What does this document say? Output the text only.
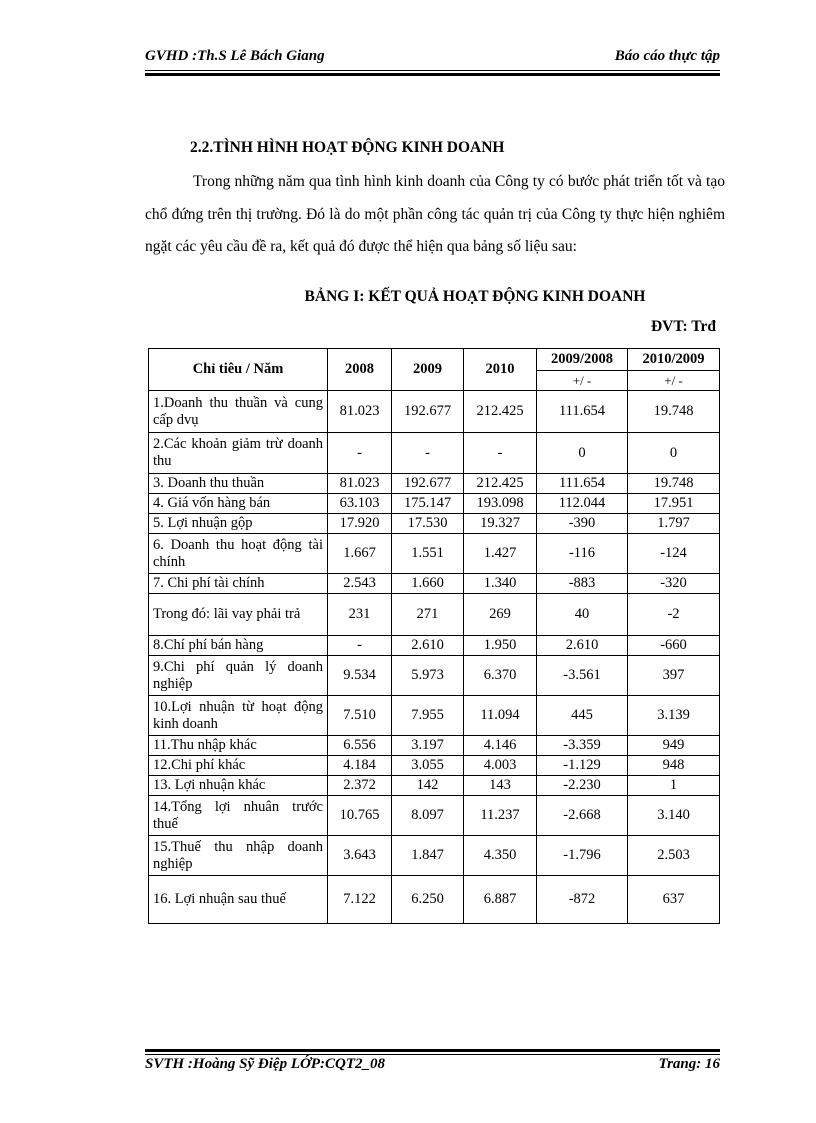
GVHD :Th.S Lê Bách Giang	Báo cáo thực tập
2.2.TÌNH HÌNH HOẠT ĐỘNG KINH DOANH
Trong những năm qua tình hình kinh doanh của Công ty có bước phát triển tốt và tạo chổ đứng trên thị trường. Đó là do một phần công tác quản trị của Công ty thực hiện nghiêm ngặt các yêu cầu đề ra, kết quả đó được thể hiện qua bảng số liệu sau:
BẢNG I: KẾT QUẢ HOẠT ĐỘNG KINH DOANH
ĐVT: Trđ
Chỉ tiêu / Năm	2008	2009	2010	2009/2008	2010/2009
				+/ -	+/ -
1.Doanh thu thuần và cung cấp dvụ	81.023	192.677	212.425	111.654	19.748
2.Các khoản giảm trừ doanh thu	-	-	-	0	0
3. Doanh thu thuần	81.023	192.677	212.425	111.654	19.748
4. Giá vốn hàng bán	63.103	175.147	193.098	112.044	17.951
5. Lợi nhuận gộp	17.920	17.530	19.327	-390	1.797
6. Doanh thu hoạt động tài chính	1.667	1.551	1.427	-116	-124
7. Chi phí tài chính	2.543	1.660	1.340	-883	-320
Trong đó: lãi vay phải trả	231	271	269	40	-2
8.Chí phí bán hàng	-	2.610	1.950	2.610	-660
9.Chi phí quản lý doanh nghiệp	9.534	5.973	6.370	-3.561	397
10.Lợi nhuận từ hoạt động kinh doanh	7.510	7.955	11.094	445	3.139
11.Thu nhập khác	6.556	3.197	4.146	-3.359	949
12.Chi phí khác	4.184	3.055	4.003	-1.129	948
13. Lợi nhuận khác	2.372	142	143	-2.230	1
14.Tổng lợi nhuân trước thuế	10.765	8.097	11.237	-2.668	3.140
15.Thuế thu nhập doanh nghiệp	3.643	1.847	4.350	-1.796	2.503
16. Lợi nhuận sau thuế	7.122	6.250	6.887	-872	637
SVTH :Hoàng Sỹ Điệp LỚP:CQT2_08	Trang: 16
